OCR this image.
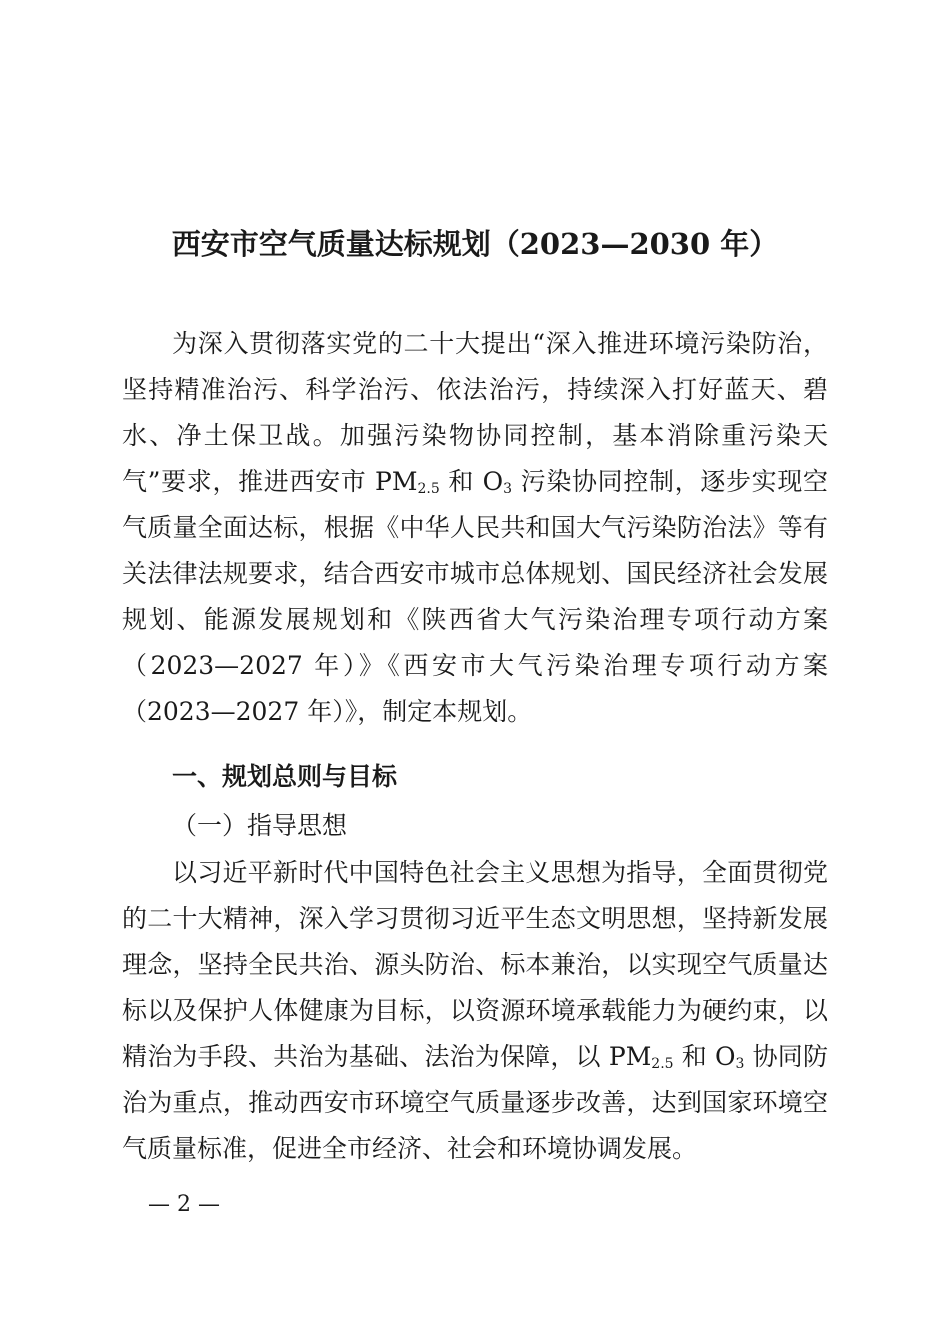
西安市空气质量达标规划（2023—2030 年）

为深入贯彻落实党的二十大提出“深入推进环境污染防治，坚持精准治污、科学治污、依法治污，持续深入打好蓝天、碧水、净土保卫战。加强污染物协同控制，基本消除重污染天气”要求，推进西安市 $PM_{2.5}$ 和 $O_3$ 污染协同控制，逐步实现空气质量全面达标，根据《中华人民共和国大气污染防治法》等有关法律法规要求，结合西安市城市总体规划、国民经济社会发展规划、能源发展规划和《陕西省大气污染治理专项行动方案（2023—2027 年）》《西安市大气污染治理专项行动方案（2023—2027 年）》，制定本规划。

一、规划总则与目标
（一）指导思想

以习近平新时代中国特色社会主义思想为指导，全面贯彻党的二十大精神，深入学习贯彻习近平生态文明思想，坚持新发展理念，坚持全民共治、源头防治、标本兼治，以实现空气质量达标以及保护人体健康为目标，以资源环境承载能力为硬约束，以精治为手段、共治为基础、法治为保障，以 $PM_{2.5}$ 和 $O_3$ 协同防治为重点，推动西安市环境空气质量逐步改善，达到国家环境空气质量标准，促进全市经济、社会和环境协调发展。

— 2 —
